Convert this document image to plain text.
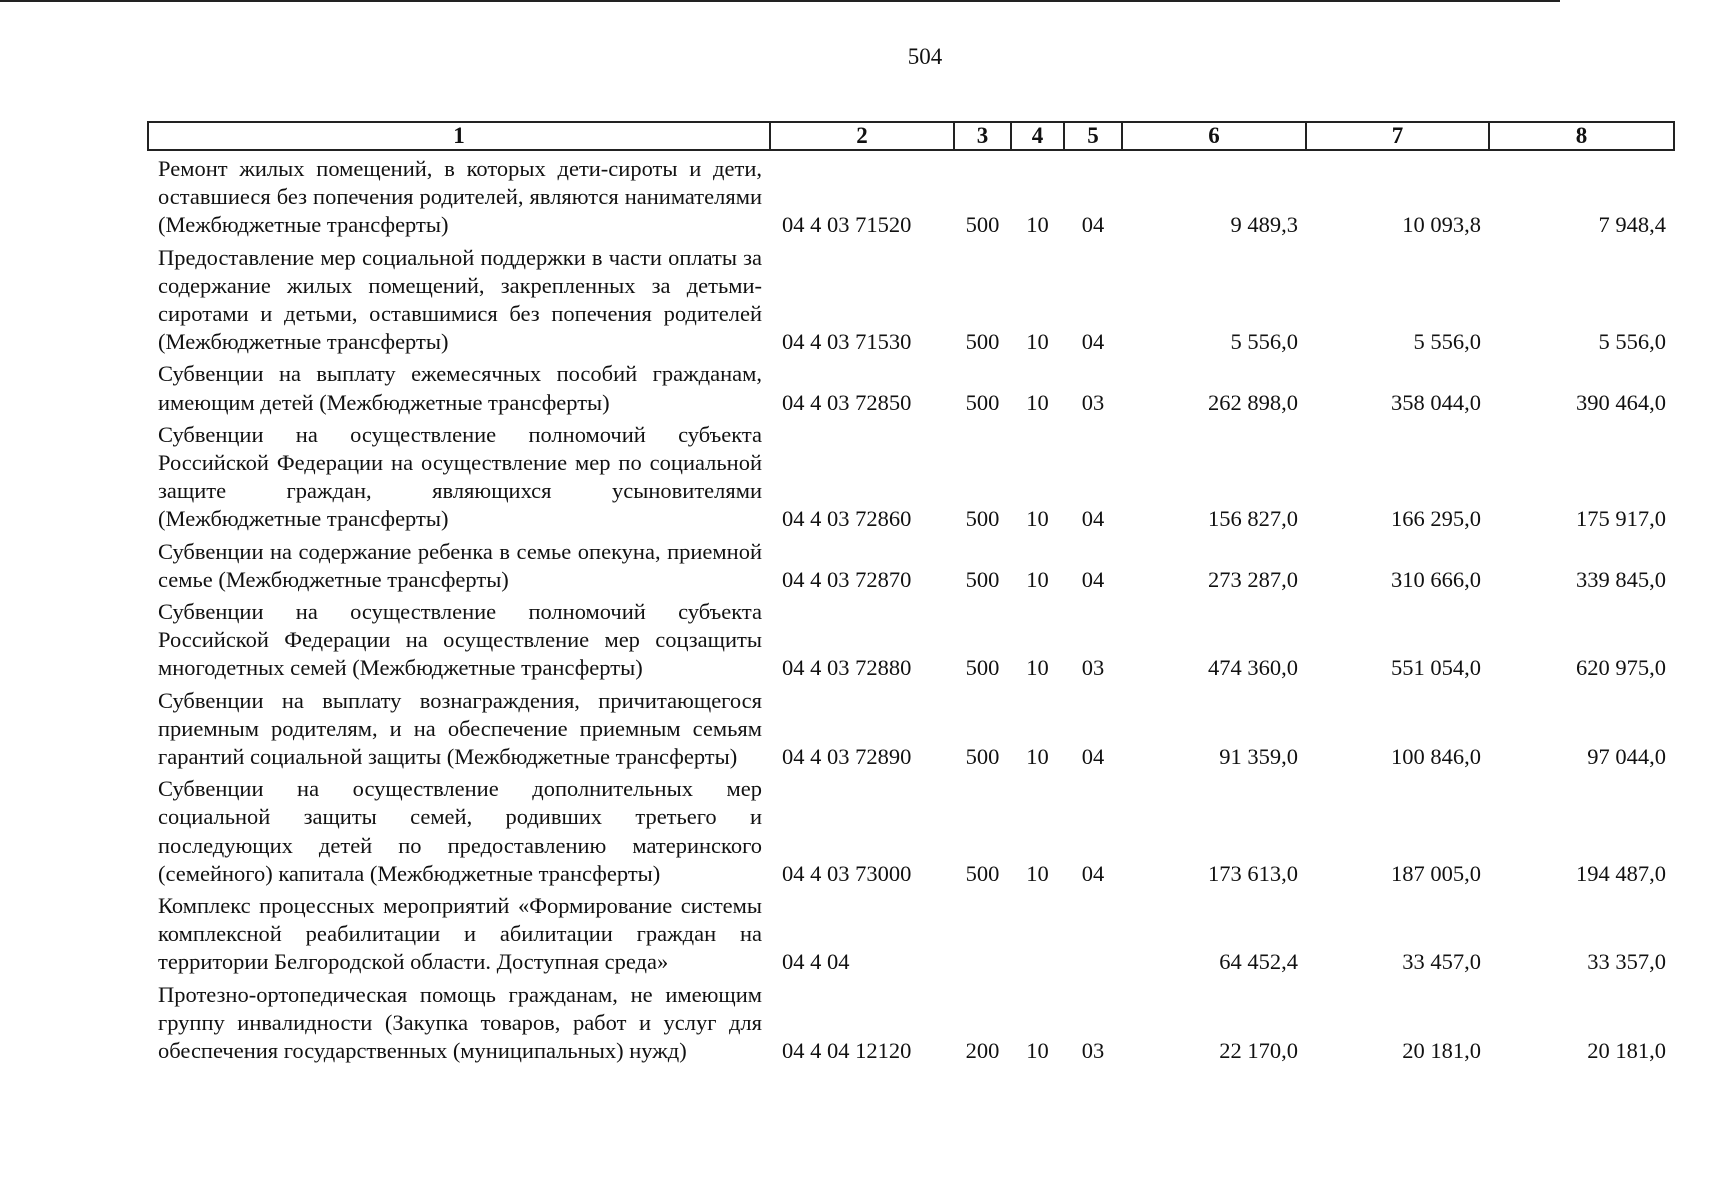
504
1	2	3	4	5	6	7	8
Ремонт жилых помещений, в которых дети-сироты и дети, оставшиеся без попечения родителей, являются нанимателями (Межбюджетные трансферты)	04 4 03 71520	500	10	04	9 489,3	10 093,8	7 948,4
Предоставление мер социальной поддержки в части оплаты за содержание жилых помещений, закрепленных за детьми-сиротами и детьми, оставшимися без попечения родителей (Межбюджетные трансферты)	04 4 03 71530	500	10	04	5 556,0	5 556,0	5 556,0
Субвенции на выплату ежемесячных пособий гражданам, имеющим детей (Межбюджетные трансферты)	04 4 03 72850	500	10	03	262 898,0	358 044,0	390 464,0
Субвенции на осуществление полномочий субъекта Российской Федерации на осуществление мер по социальной защите граждан, являющихся усыновителями (Межбюджетные трансферты)	04 4 03 72860	500	10	04	156 827,0	166 295,0	175 917,0
Субвенции на содержание ребенка в семье опекуна, приемной семье (Межбюджетные трансферты)	04 4 03 72870	500	10	04	273 287,0	310 666,0	339 845,0
Субвенции на осуществление полномочий субъекта Российской Федерации на осуществление мер соцзащиты многодетных семей (Межбюджетные трансферты)	04 4 03 72880	500	10	03	474 360,0	551 054,0	620 975,0
Субвенции на выплату вознаграждения, причитающегося приемным родителям, и на обеспечение приемным семьям гарантий социальной защиты (Межбюджетные трансферты)	04 4 03 72890	500	10	04	91 359,0	100 846,0	97 044,0
Субвенции на осуществление дополнительных мер социальной защиты семей, родивших третьего и последующих детей по предоставлению материнского (семейного) капитала (Межбюджетные трансферты)	04 4 03 73000	500	10	04	173 613,0	187 005,0	194 487,0
Комплекс процессных мероприятий «Формирование системы комплексной реабилитации и абилитации граждан на территории Белгородской области. Доступная среда»	04 4 04				64 452,4	33 457,0	33 357,0
Протезно-ортопедическая помощь гражданам, не имеющим группу инвалидности (Закупка товаров, работ и услуг для обеспечения государственных (муниципальных) нужд)	04 4 04 12120	200	10	03	22 170,0	20 181,0	20 181,0
